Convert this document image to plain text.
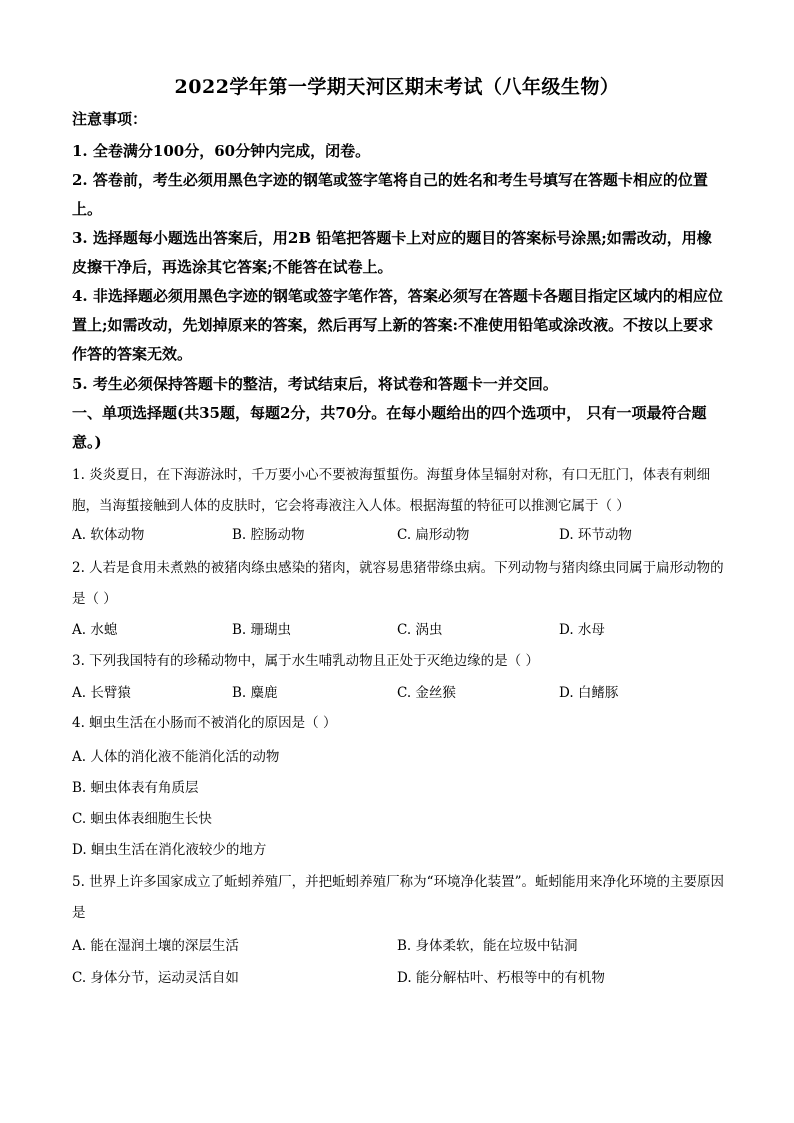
2022学年第一学期天河区期末考试（八年级生物）
注意事项：
1. 全卷满分100分，60分钟内完成，闭卷。
2. 答卷前，考生必须用黑色字迹的钢笔或签字笔将自己的姓名和考生号填写在答题卡相应的位置上。
3. 选择题每小题选出答案后，用2B 铅笔把答题卡上对应的题目的答案标号涂黑;如需改动，用橡皮擦干净后，再选涂其它答案;不能答在试卷上。
4. 非选择题必须用黑色字迹的钢笔或签字笔作答，答案必须写在答题卡各题目指定区域内的相应位置上;如需改动，先划掉原来的答案，然后再写上新的答案:不准使用铅笔或涂改液。不按以上要求作答的答案无效。
5. 考生必须保持答题卡的整洁，考试结束后，将试卷和答题卡一并交回。
一、单项选择题(共35题，每题2分，共70分。在每小题给出的四个选项中， 只有一项最符合题意。)
1. 炎炎夏日，在下海游泳时，千万要小心不要被海蜇蜇伤。海蜇身体呈辐射对称，有口无肛门，体表有刺细胞，当海蜇接触到人体的皮肤时，它会将毒液注入人体。根据海蜇的特征可以推测它属于（ ）
A. 软体动物	B. 腔肠动物	C. 扁形动物	D. 环节动物
2. 人若是食用未煮熟的被猪肉绦虫感染的猪肉，就容易患猪带绦虫病。下列动物与猪肉绦虫同属于扁形动物的是（ ）
A. 水螅	B. 珊瑚虫	C. 涡虫	D. 水母
3. 下列我国特有的珍稀动物中，属于水生哺乳动物且正处于灭绝边缘的是（ ）
A. 长臂猿	B. 麋鹿	C. 金丝猴	D. 白鳍豚
4. 蛔虫生活在小肠而不被消化的原因是（ ）
A. 人体的消化液不能消化活的动物
B. 蛔虫体表有角质层
C. 蛔虫体表细胞生长快
D. 蛔虫生活在消化液较少的地方
5. 世界上许多国家成立了蚯蚓养殖厂，并把蚯蚓养殖厂称为“环境净化装置”。蚯蚓能用来净化环境的主要原因是
A. 能在湿润土壤的深层生活	B. 身体柔软，能在垃圾中钻洞
C. 身体分节，运动灵活自如	D. 能分解枯叶、朽根等中的有机物
